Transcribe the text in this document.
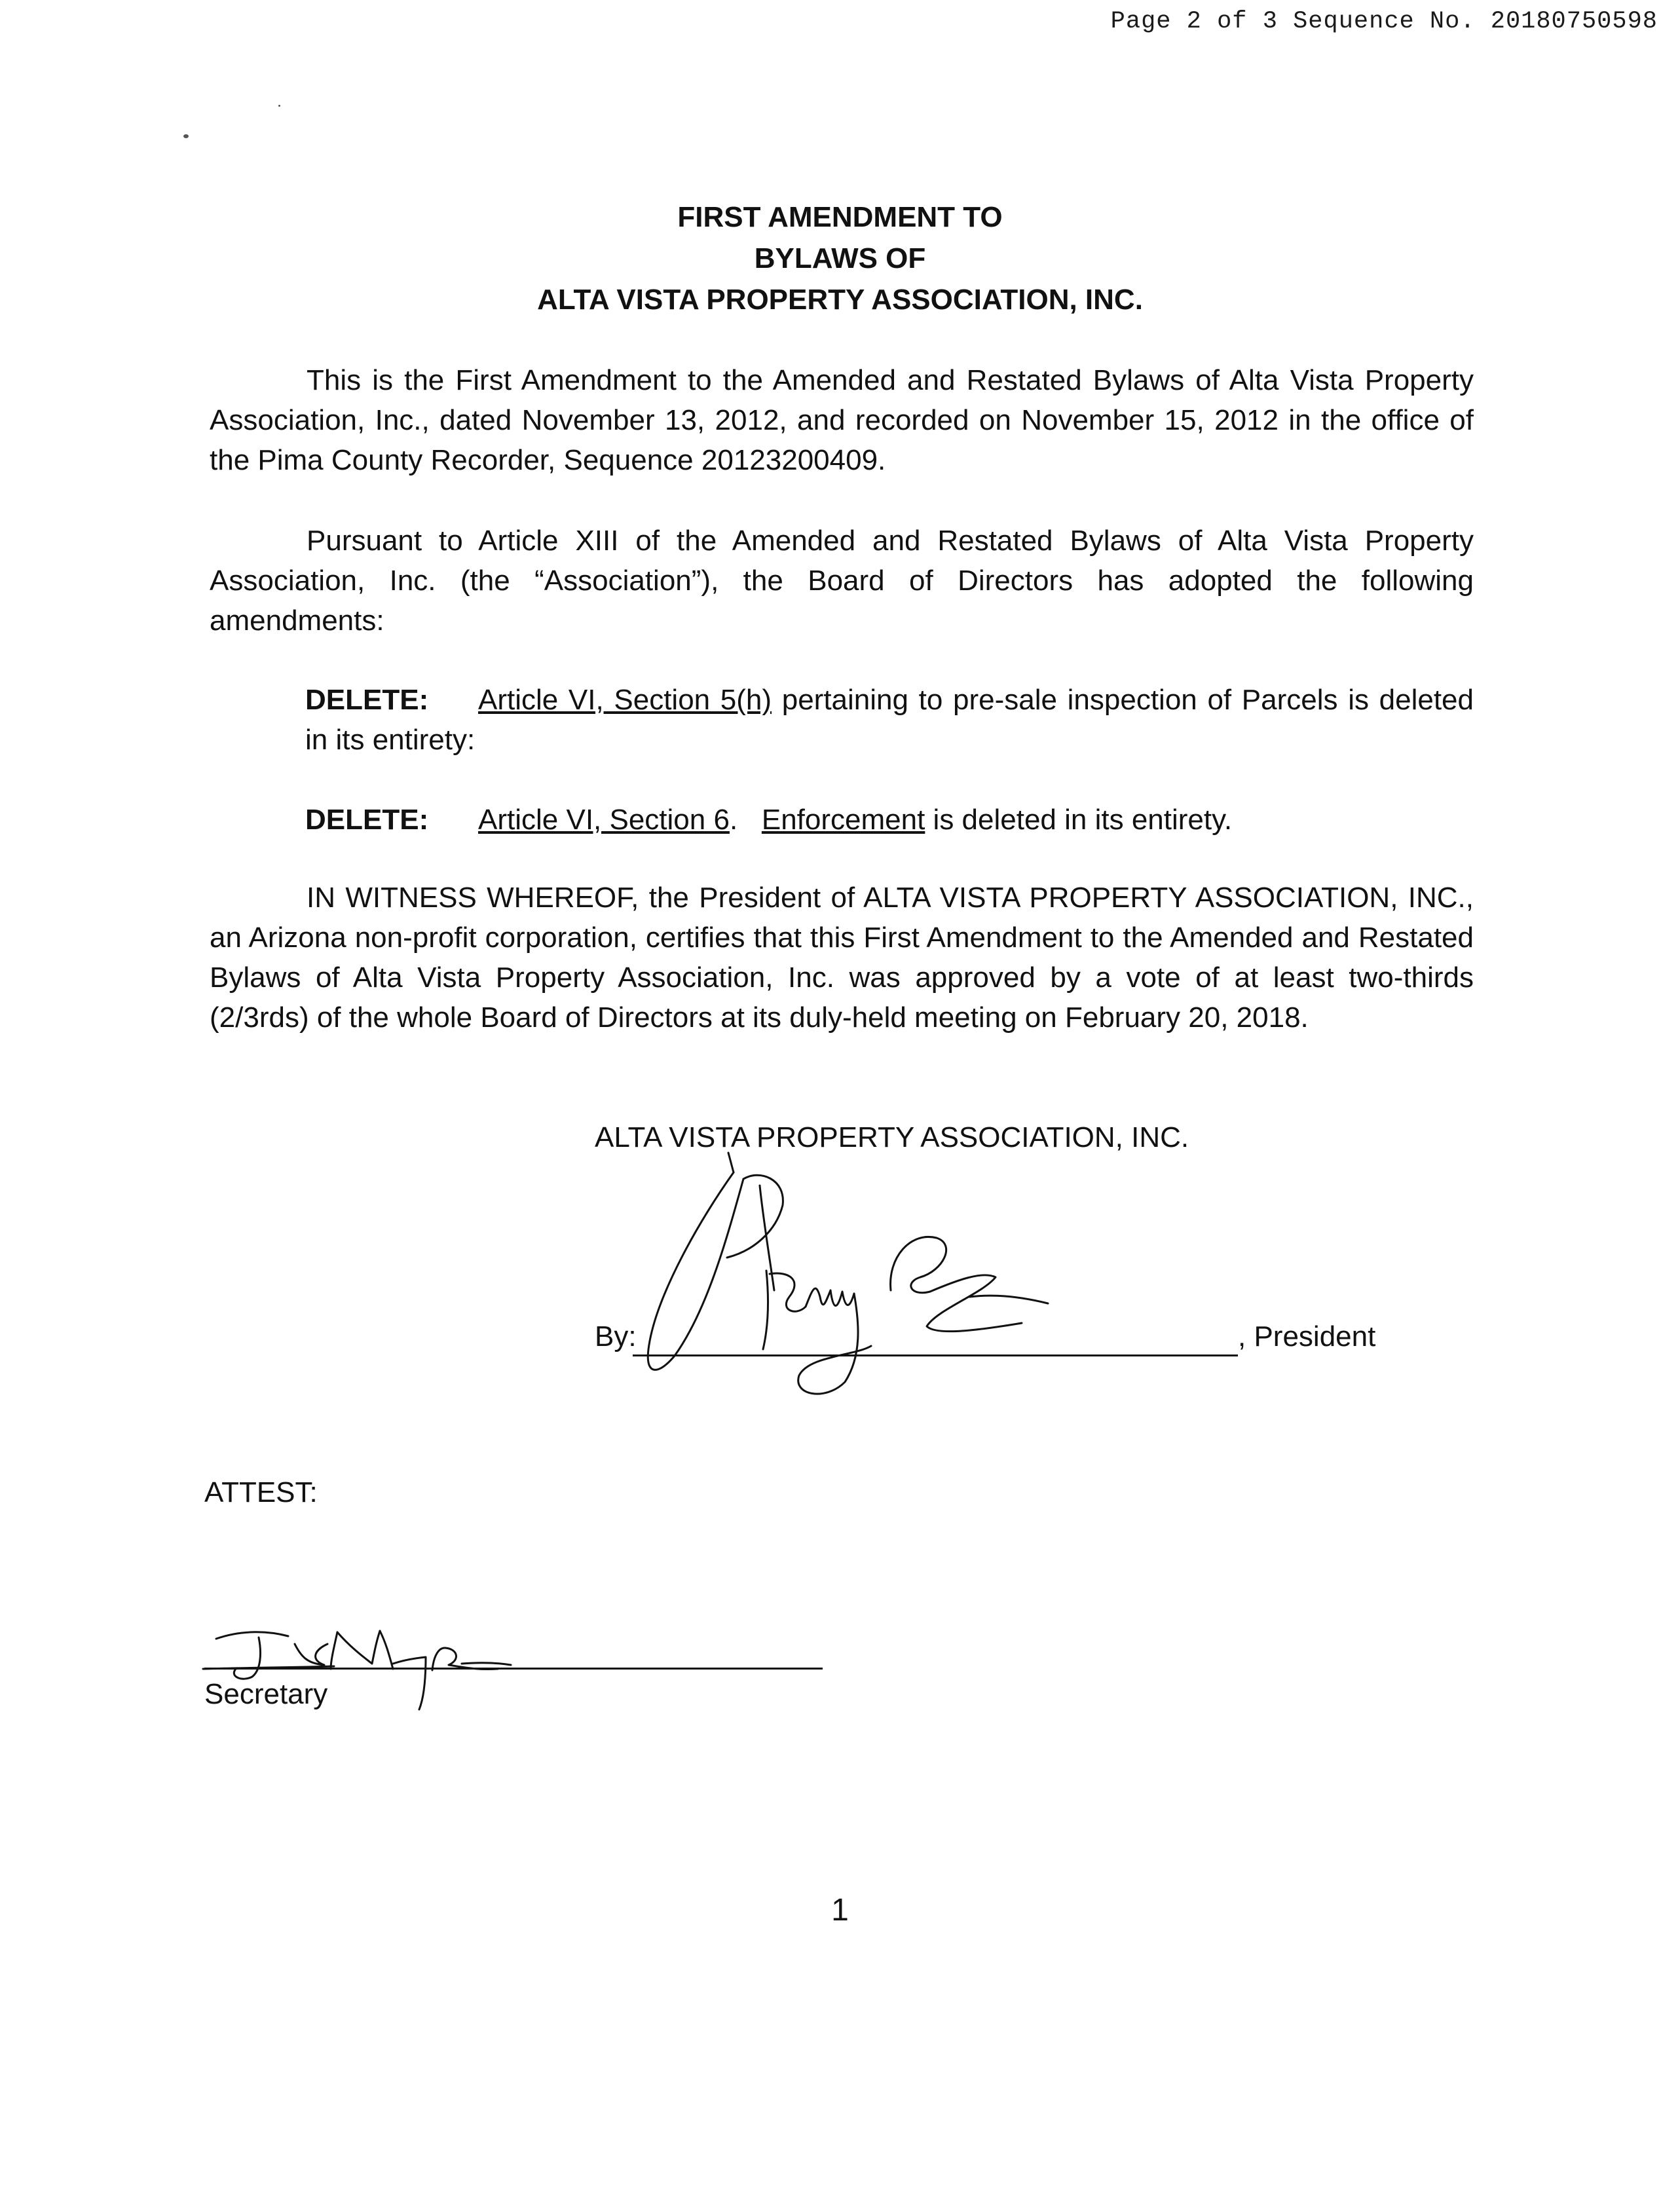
Page 2 of 3 Sequence No. 20180750598
FIRST AMENDMENT TO
BYLAWS OF
ALTA VISTA PROPERTY ASSOCIATION, INC.
This is the First Amendment to the Amended and Restated Bylaws of Alta Vista Property Association, Inc., dated November 13, 2012, and recorded on November 15, 2012 in the office of the Pima County Recorder, Sequence 20123200409.
Pursuant to Article XIII of the Amended and Restated Bylaws of Alta Vista Property Association, Inc. (the “Association”), the Board of Directors has adopted the following amendments:
DELETE: Article VI, Section 5(h) pertaining to pre-sale inspection of Parcels is deleted in its entirety:
DELETE: Article VI, Section 6.   Enforcement is deleted in its entirety.
IN WITNESS WHEREOF, the President of ALTA VISTA PROPERTY ASSOCIATION, INC., an Arizona non-profit corporation, certifies that this First Amendment to the Amended and Restated Bylaws of Alta Vista Property Association, Inc. was approved by a vote of at least two-thirds (2/3rds) of the whole Board of Directors at its duly-held meeting on February 20, 2018.
ALTA VISTA PROPERTY ASSOCIATION, INC.
By:	, President
ATTEST:
Secretary
1
